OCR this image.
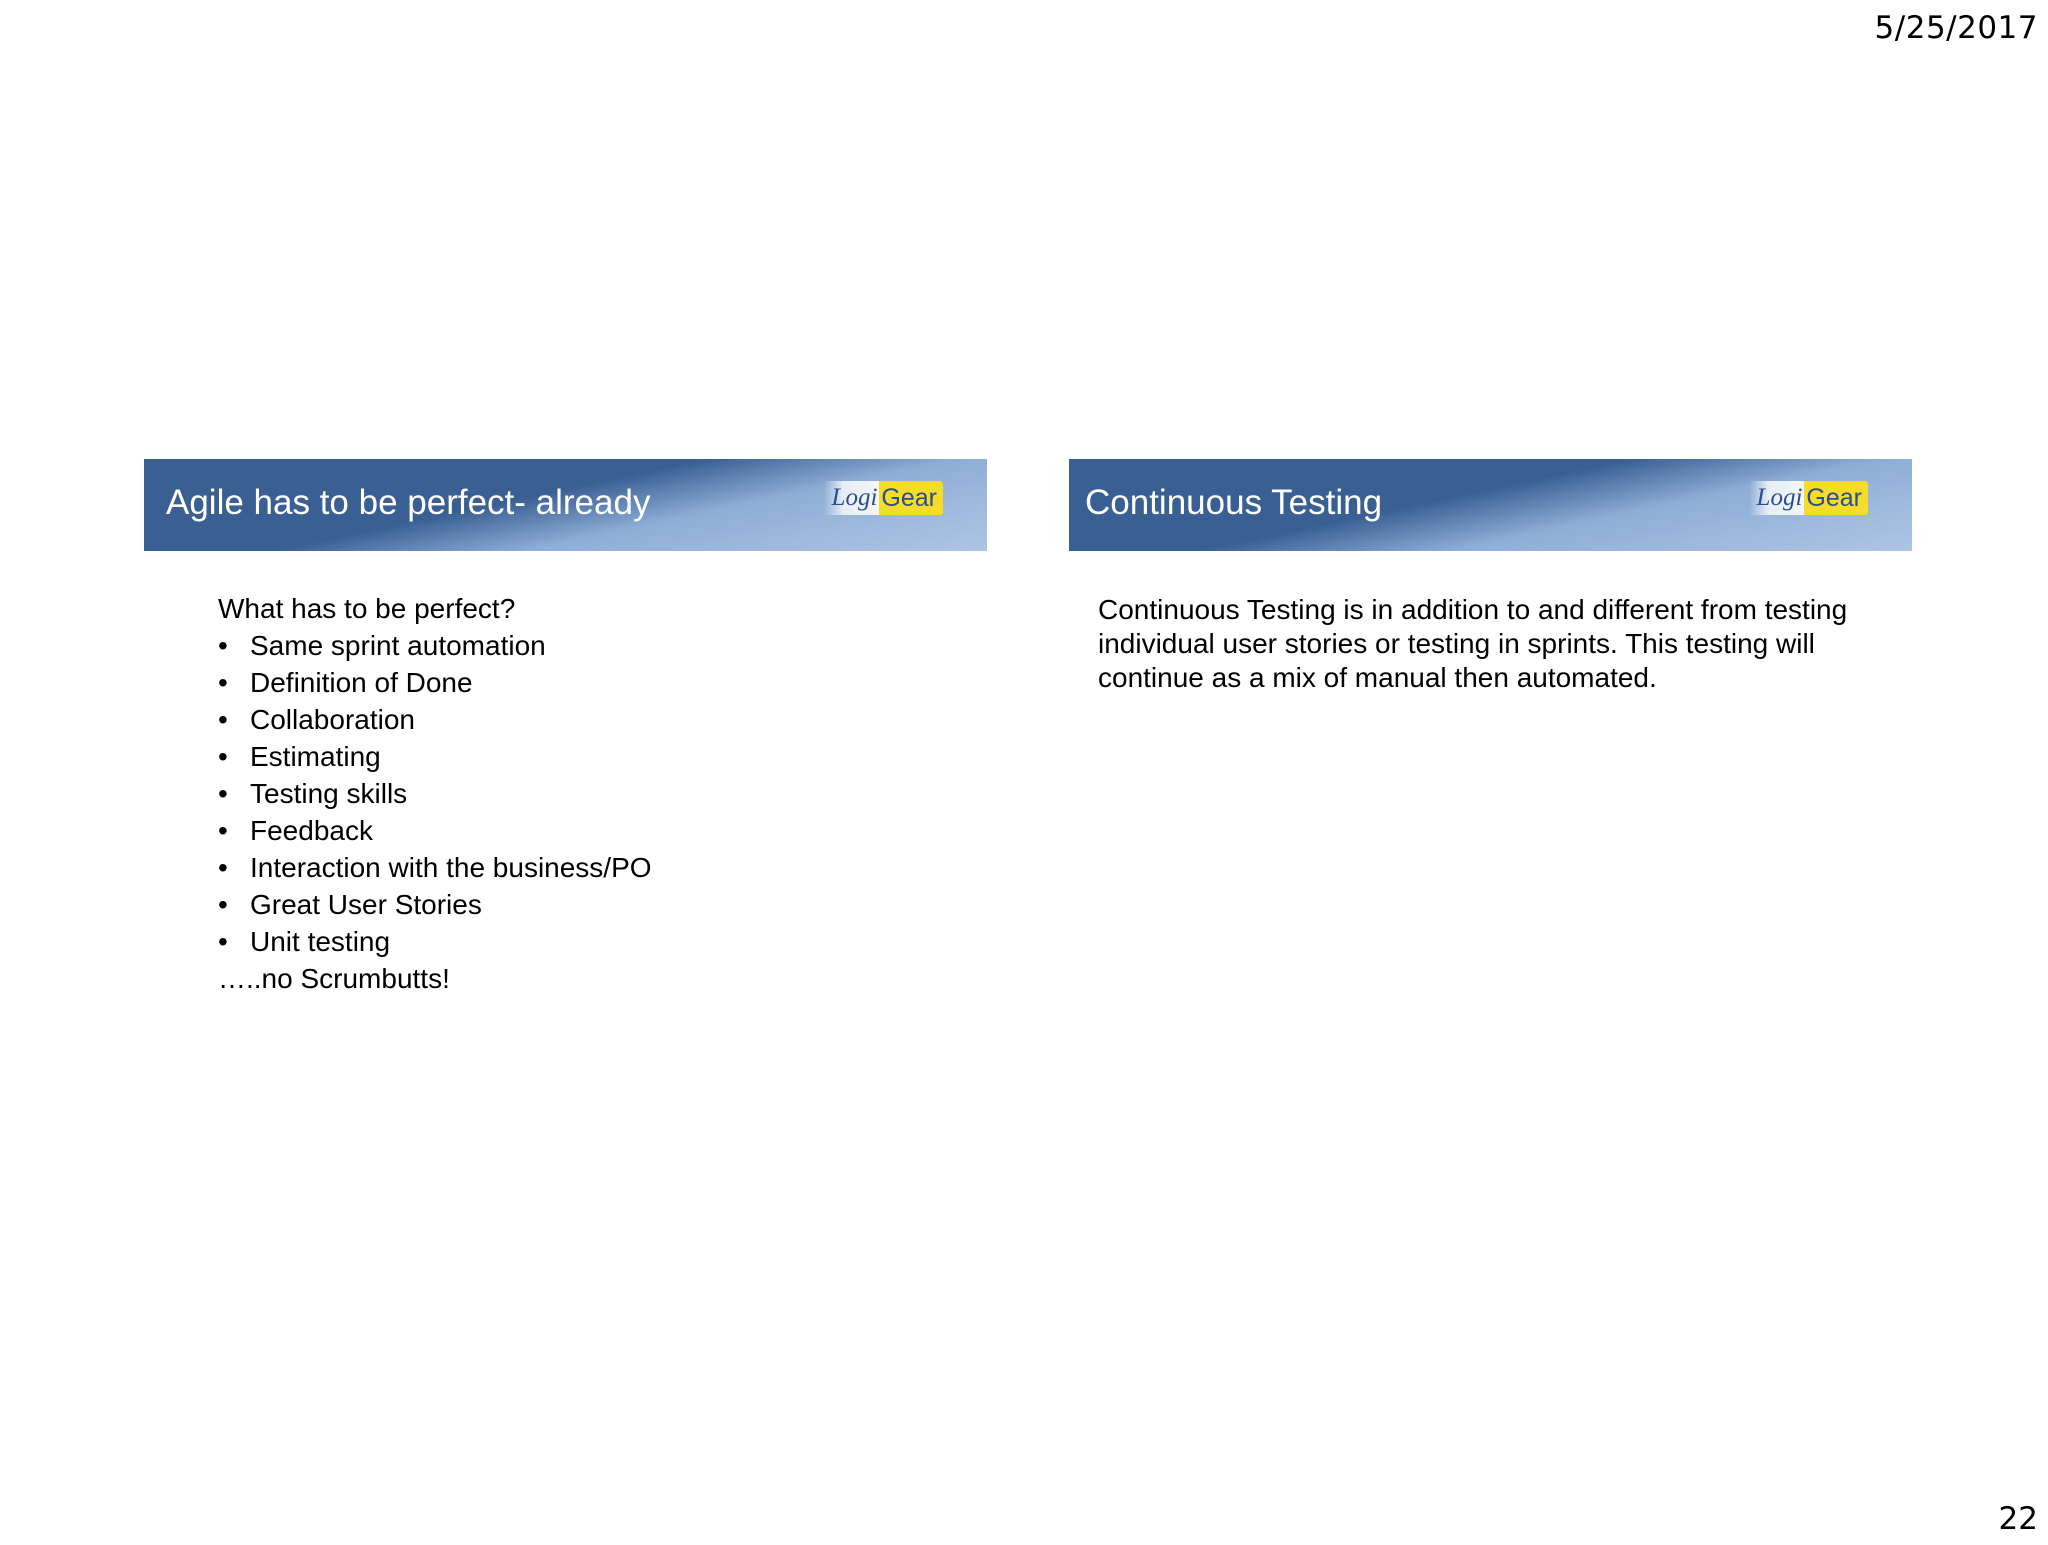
5/25/2017
Agile has to be perfect- already	Logi Gear
What has to be perfect?
• Same sprint automation
• Definition of Done
• Collaboration
• Estimating
• Testing skills
• Feedback
• Interaction with the business/PO
• Great User Stories
• Unit testing
…..no Scrumbutts!
Continuous Testing	Logi Gear
Continuous Testing is in addition to and different from testing individual user stories or testing in sprints. This testing will continue as a mix of manual then automated.
22
